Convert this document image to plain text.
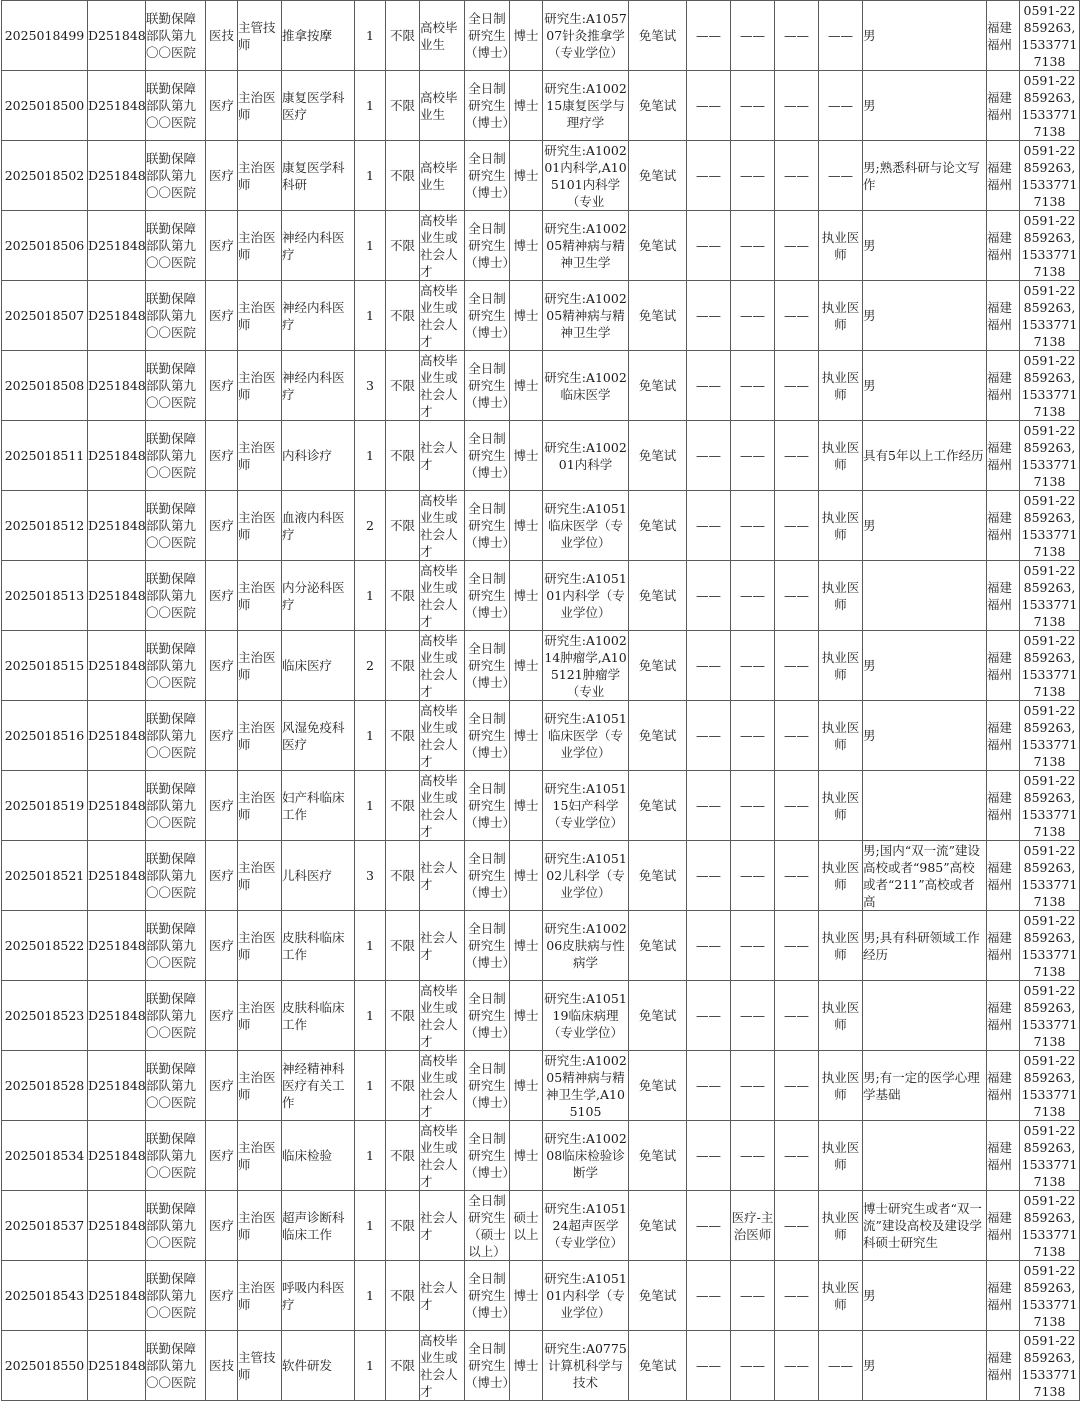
2025018499	D251848	联勤保障部队第九〇〇医院	医技	主管技师	推拿按摩	1	不限	高校毕业生	全日制研究生（博士）	博士	研究生:A105707针灸推拿学（专业学位）	免笔试	——	——	——	——	男	福建福州	0591-22859263,15337717138

2025018500	D251848	联勤保障部队第九〇〇医院	医疗	主治医师	康复医学科医疗	1	不限	高校毕业生	全日制研究生（博士）	博士	研究生:A100215康复医学与理疗学	免笔试	——	——	——	——	男	福建福州	0591-22859263,15337717138

2025018502	D251848	联勤保障部队第九〇〇医院	医疗	主治医师	康复医学科科研	1	不限	高校毕业生	全日制研究生（博士）	博士	研究生:A100201内科学,A105101内科学（专业	免笔试	——	——	——	——	男;熟悉科研与论文写作	福建福州	0591-22859263,15337717138

2025018506	D251848	联勤保障部队第九〇〇医院	医疗	主治医师	神经内科医疗	1	不限	高校毕业生或社会人才	全日制研究生（博士）	博士	研究生:A100205精神病与精神卫生学	免笔试	——	——	——	执业医师	男	福建福州	0591-22859263,15337717138

2025018507	D251848	联勤保障部队第九〇〇医院	医疗	主治医师	神经内科医疗	1	不限	高校毕业生或社会人才	全日制研究生（博士）	博士	研究生:A100205精神病与精神卫生学	免笔试	——	——	——	执业医师	男	福建福州	0591-22859263,15337717138

2025018508	D251848	联勤保障部队第九〇〇医院	医疗	主治医师	神经内科医疗	3	不限	高校毕业生或社会人才	全日制研究生（博士）	博士	研究生:A1002临床医学	免笔试	——	——	——	执业医师	男	福建福州	0591-22859263,15337717138

2025018511	D251848	联勤保障部队第九〇〇医院	医疗	主治医师	内科诊疗	1	不限	社会人才	全日制研究生（博士）	博士	研究生:A100201内科学	免笔试	——	——	——	执业医师	具有5年以上工作经历	福建福州	0591-22859263,15337717138

2025018512	D251848	联勤保障部队第九〇〇医院	医疗	主治医师	血液内科医疗	2	不限	高校毕业生或社会人才	全日制研究生（博士）	博士	研究生:A1051临床医学（专业学位）	免笔试	——	——	——	执业医师	男	福建福州	0591-22859263,15337717138

2025018513	D251848	联勤保障部队第九〇〇医院	医疗	主治医师	内分泌科医疗	1	不限	高校毕业生或社会人才	全日制研究生（博士）	博士	研究生:A105101内科学（专业学位）	免笔试	——	——	——	执业医师		福建福州	0591-22859263,15337717138

2025018515	D251848	联勤保障部队第九〇〇医院	医疗	主治医师	临床医疗	2	不限	高校毕业生或社会人才	全日制研究生（博士）	博士	研究生:A100214肿瘤学,A105121肿瘤学（专业	免笔试	——	——	——	执业医师	男	福建福州	0591-22859263,15337717138

2025018516	D251848	联勤保障部队第九〇〇医院	医疗	主治医师	风湿免疫科医疗	1	不限	高校毕业生或社会人才	全日制研究生（博士）	博士	研究生:A1051临床医学（专业学位）	免笔试	——	——	——	执业医师	男	福建福州	0591-22859263,15337717138

2025018519	D251848	联勤保障部队第九〇〇医院	医疗	主治医师	妇产科临床工作	1	不限	高校毕业生或社会人才	全日制研究生（博士）	博士	研究生:A105115妇产科学（专业学位）	免笔试	——	——	——	执业医师		福建福州	0591-22859263,15337717138

2025018521	D251848	联勤保障部队第九〇〇医院	医疗	主治医师	儿科医疗	3	不限	社会人才	全日制研究生（博士）	博士	研究生:A105102儿科学（专业学位）	免笔试	——	——	——	执业医师	男;国内“双一流”建设高校或者“985”高校或者“211”高校或者高	福建福州	0591-22859263,15337717138

2025018522	D251848	联勤保障部队第九〇〇医院	医疗	主治医师	皮肤科临床工作	1	不限	社会人才	全日制研究生（博士）	博士	研究生:A100206皮肤病与性病学	免笔试	——	——	——	执业医师	男;具有科研领域工作经历	福建福州	0591-22859263,15337717138

2025018523	D251848	联勤保障部队第九〇〇医院	医疗	主治医师	皮肤科临床工作	1	不限	高校毕业生或社会人才	全日制研究生（博士）	博士	研究生:A105119临床病理（专业学位）	免笔试	——	——	——	执业医师		福建福州	0591-22859263,15337717138

2025018528	D251848	联勤保障部队第九〇〇医院	医疗	主治医师	神经精神科医疗有关工作	1	不限	高校毕业生或社会人才	全日制研究生（博士）	博士	研究生:A100205精神病与精神卫生学,A105105	免笔试	——	——	——	执业医师	男;有一定的医学心理学基础	福建福州	0591-22859263,15337717138

2025018534	D251848	联勤保障部队第九〇〇医院	医疗	主治医师	临床检验	1	不限	高校毕业生或社会人才	全日制研究生（博士）	博士	研究生:A100208临床检验诊断学	免笔试	——	——	——	执业医师		福建福州	0591-22859263,15337717138

2025018537	D251848	联勤保障部队第九〇〇医院	医疗	主治医师	超声诊断科临床工作	1	不限	社会人才	全日制研究生（硕士以上）	硕士以上	研究生:A105124超声医学（专业学位）	免笔试	——	医疗-主治医师	——	执业医师	博士研究生或者“双一流”建设高校及建设学科硕士研究生	福建福州	0591-22859263,15337717138

2025018543	D251848	联勤保障部队第九〇〇医院	医疗	主治医师	呼吸内科医疗	1	不限	社会人才	全日制研究生（博士）	博士	研究生:A105101内科学（专业学位）	免笔试	——	——	——	执业医师	男	福建福州	0591-22859263,15337717138

2025018550	D251848	联勤保障部队第九〇〇医院	医技	主管技师	软件研发	1	不限	高校毕业生或社会人才	全日制研究生（博士）	博士	研究生:A0775计算机科学与技术	免笔试	——	——	——	——	男	福建福州	0591-22859263,15337717138
